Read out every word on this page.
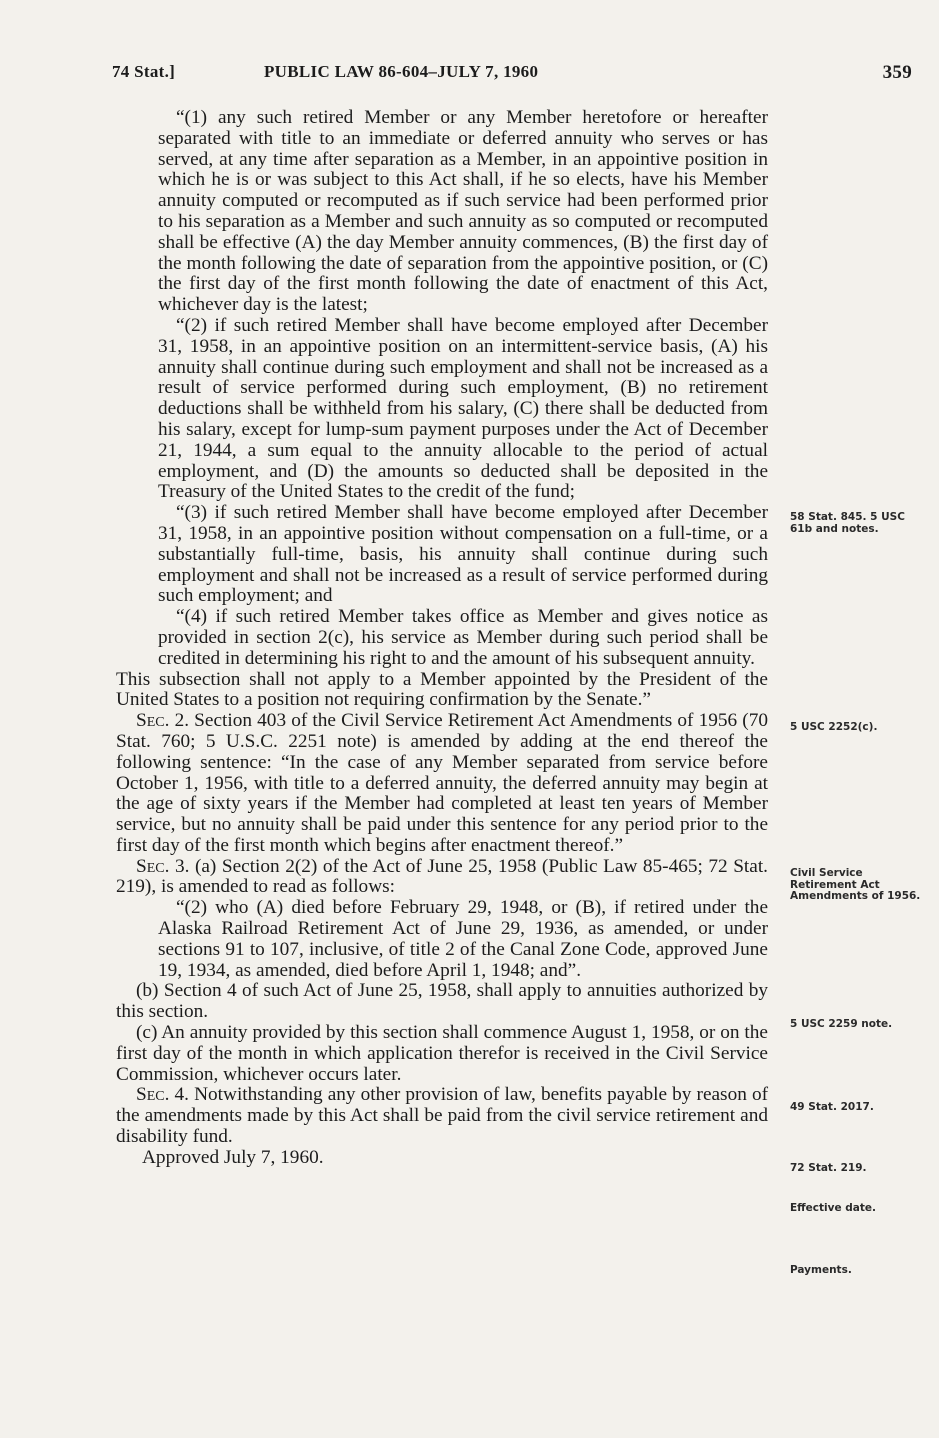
74 Stat.]	PUBLIC LAW 86-604–JULY 7, 1960	359

“(1) any such retired Member or any Member heretofore or hereafter separated with title to an immediate or deferred annuity who serves or has served, at any time after separation as a Member, in an appointive position in which he is or was subject to this Act shall, if he so elects, have his Member annuity computed or recomputed as if such service had been performed prior to his separation as a Member and such annuity as so computed or recomputed shall be effective (A) the day Member annuity commences, (B) the first day of the month following the date of separation from the appointive position, or (C) the first day of the first month following the date of enactment of this Act, whichever day is the latest;

“(2) if such retired Member shall have become employed after December 31, 1958, in an appointive position on an intermittent-service basis, (A) his annuity shall continue during such employment and shall not be increased as a result of service performed during such employment, (B) no retirement deductions shall be withheld from his salary, (C) there shall be deducted from his salary, except for lump-sum payment purposes under the Act of December 21, 1944, a sum equal to the annuity allocable to the period of actual employment, and (D) the amounts so deducted shall be deposited in the Treasury of the United States to the credit of the fund;

“(3) if such retired Member shall have become employed after December 31, 1958, in an appointive position without compensation on a full-time, or a substantially full-time, basis, his annuity shall continue during such employment and shall not be increased as a result of service performed during such employment; and

“(4) if such retired Member takes office as Member and gives notice as provided in section 2(c), his service as Member during such period shall be credited in determining his right to and the amount of his subsequent annuity.

This subsection shall not apply to a Member appointed by the President of the United States to a position not requiring confirmation by the Senate.”

Sec. 2. Section 403 of the Civil Service Retirement Act Amendments of 1956 (70 Stat. 760; 5 U.S.C. 2251 note) is amended by adding at the end thereof the following sentence: “In the case of any Member separated from service before October 1, 1956, with title to a deferred annuity, the deferred annuity may begin at the age of sixty years if the Member had completed at least ten years of Member service, but no annuity shall be paid under this sentence for any period prior to the first day of the first month which begins after enactment thereof.”

Sec. 3. (a) Section 2(2) of the Act of June 25, 1958 (Public Law 85-465; 72 Stat. 219), is amended to read as follows:

“(2) who (A) died before February 29, 1948, or (B), if retired under the Alaska Railroad Retirement Act of June 29, 1936, as amended, or under sections 91 to 107, inclusive, of title 2 of the Canal Zone Code, approved June 19, 1934, as amended, died before April 1, 1948; and”.

(b) Section 4 of such Act of June 25, 1958, shall apply to annuities authorized by this section.

(c) An annuity provided by this section shall commence August 1, 1958, or on the first day of the month in which application therefor is received in the Civil Service Commission, whichever occurs later.

Sec. 4. Notwithstanding any other provision of law, benefits payable by reason of the amendments made by this Act shall be paid from the civil service retirement and disability fund.

Approved July 7, 1960.

58 Stat. 845. 5 USC 61b and notes.
5 USC 2252(c).
Civil Service Retirement Act Amendments of 1956.
5 USC 2259 note.
49 Stat. 2017.
72 Stat. 219.
Effective date.
Payments.
